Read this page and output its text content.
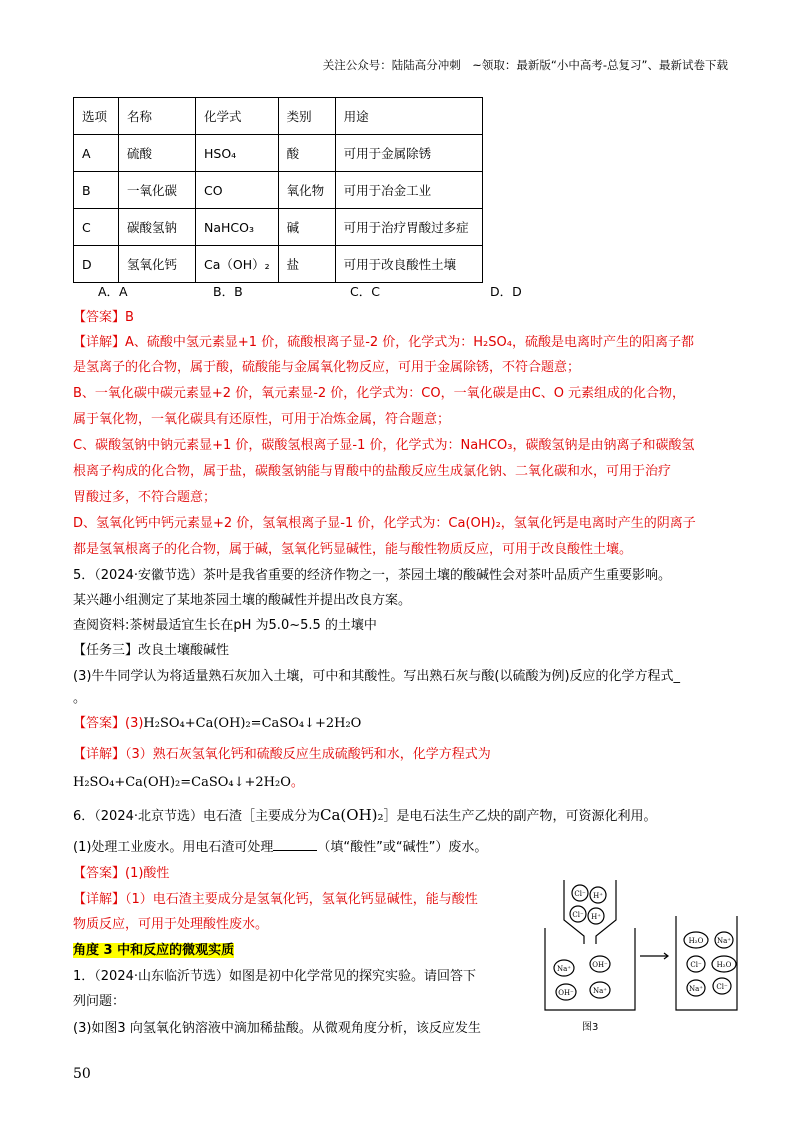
关注公众号：陆陆高分冲刺　~领取：最新版“小中高考-总复习”、最新试卷下载
选项	名称	化学式	类别	用途
A	硫酸	HSO₄	酸	可用于金属除锈
B	一氧化碳	CO	氧化物	可用于冶金工业
C	碳酸氢钠	NaHCO₃	碱	可用于治疗胃酸过多症
D	氢氧化钙	Ca（OH）₂	盐	可用于改良酸性土壤
A．A	B．B	C．C	D．D
【答案】B
【详解】A、硫酸中氢元素显+1 价，硫酸根离子显-2 价，化学式为：H₂SO₄，硫酸是电离时产生的阳离子都
是氢离子的化合物，属于酸，硫酸能与金属氧化物反应，可用于金属除锈，不符合题意；
B、一氧化碳中碳元素显+2 价，氧元素显-2 价，化学式为：CO，一氧化碳是由C、O 元素组成的化合物，
属于氧化物，一氧化碳具有还原性，可用于冶炼金属，符合题意；
C、碳酸氢钠中钠元素显+1 价，碳酸氢根离子显-1 价，化学式为：NaHCO₃，碳酸氢钠是由钠离子和碳酸氢
根离子构成的化合物，属于盐，碳酸氢钠能与胃酸中的盐酸反应生成氯化钠、二氧化碳和水，可用于治疗
胃酸过多，不符合题意；
D、氢氧化钙中钙元素显+2 价，氢氧根离子显-1 价，化学式为：Ca(OH)₂，氢氧化钙是电离时产生的阴离子
都是氢氧根离子的化合物，属于碱，氢氧化钙显碱性，能与酸性物质反应，可用于改良酸性土壤。
5．（2024·安徽节选）茶叶是我省重要的经济作物之一，茶园土壤的酸碱性会对茶叶品质产生重要影响。
某兴趣小组测定了某地茶园土壤的酸碱性并提出改良方案。
查阅资料:茶树最适宜生长在pH 为5.0~5.5 的土壤中
【任务三】改良土壤酸碱性
(3)牛牛同学认为将适量熟石灰加入土壤，可中和其酸性。写出熟石灰与酸(以硫酸为例)反应的化学方程式_
。
【答案】(3)H₂SO₄+Ca(OH)₂=CaSO₄↓+2H₂O
【详解】（3）熟石灰氢氧化钙和硫酸反应生成硫酸钙和水，化学方程式为
H₂SO₄+Ca(OH)₂=CaSO₄↓+2H₂O。
6．（2024·北京节选）电石渣［主要成分为Ca(OH)₂］是电石法生产乙炔的副产物，可资源化利用。
(1)处理工业废水。用电石渣可处理	（填“酸性”或“碱性”）废水。
【答案】(1)酸性
【详解】（1）电石渣主要成分是氢氧化钙，氢氧化钙显碱性，能与酸性
物质反应，可用于处理酸性废水。
角度 3 中和反应的微观实质
1．（2024·山东临沂节选）如图是初中化学常见的探究实验。请回答下
列问题：
(3)如图3 向氢氧化钠溶液中滴加稀盐酸。从微观角度分析，该反应发生
Cl⁻ H⁺
Cl⁻ H⁺
Na⁺	OH⁻
OH⁻	Na⁺
H₂O Na⁺
Cl⁻ H₂O
Na⁺ Cl⁻
图3
50
